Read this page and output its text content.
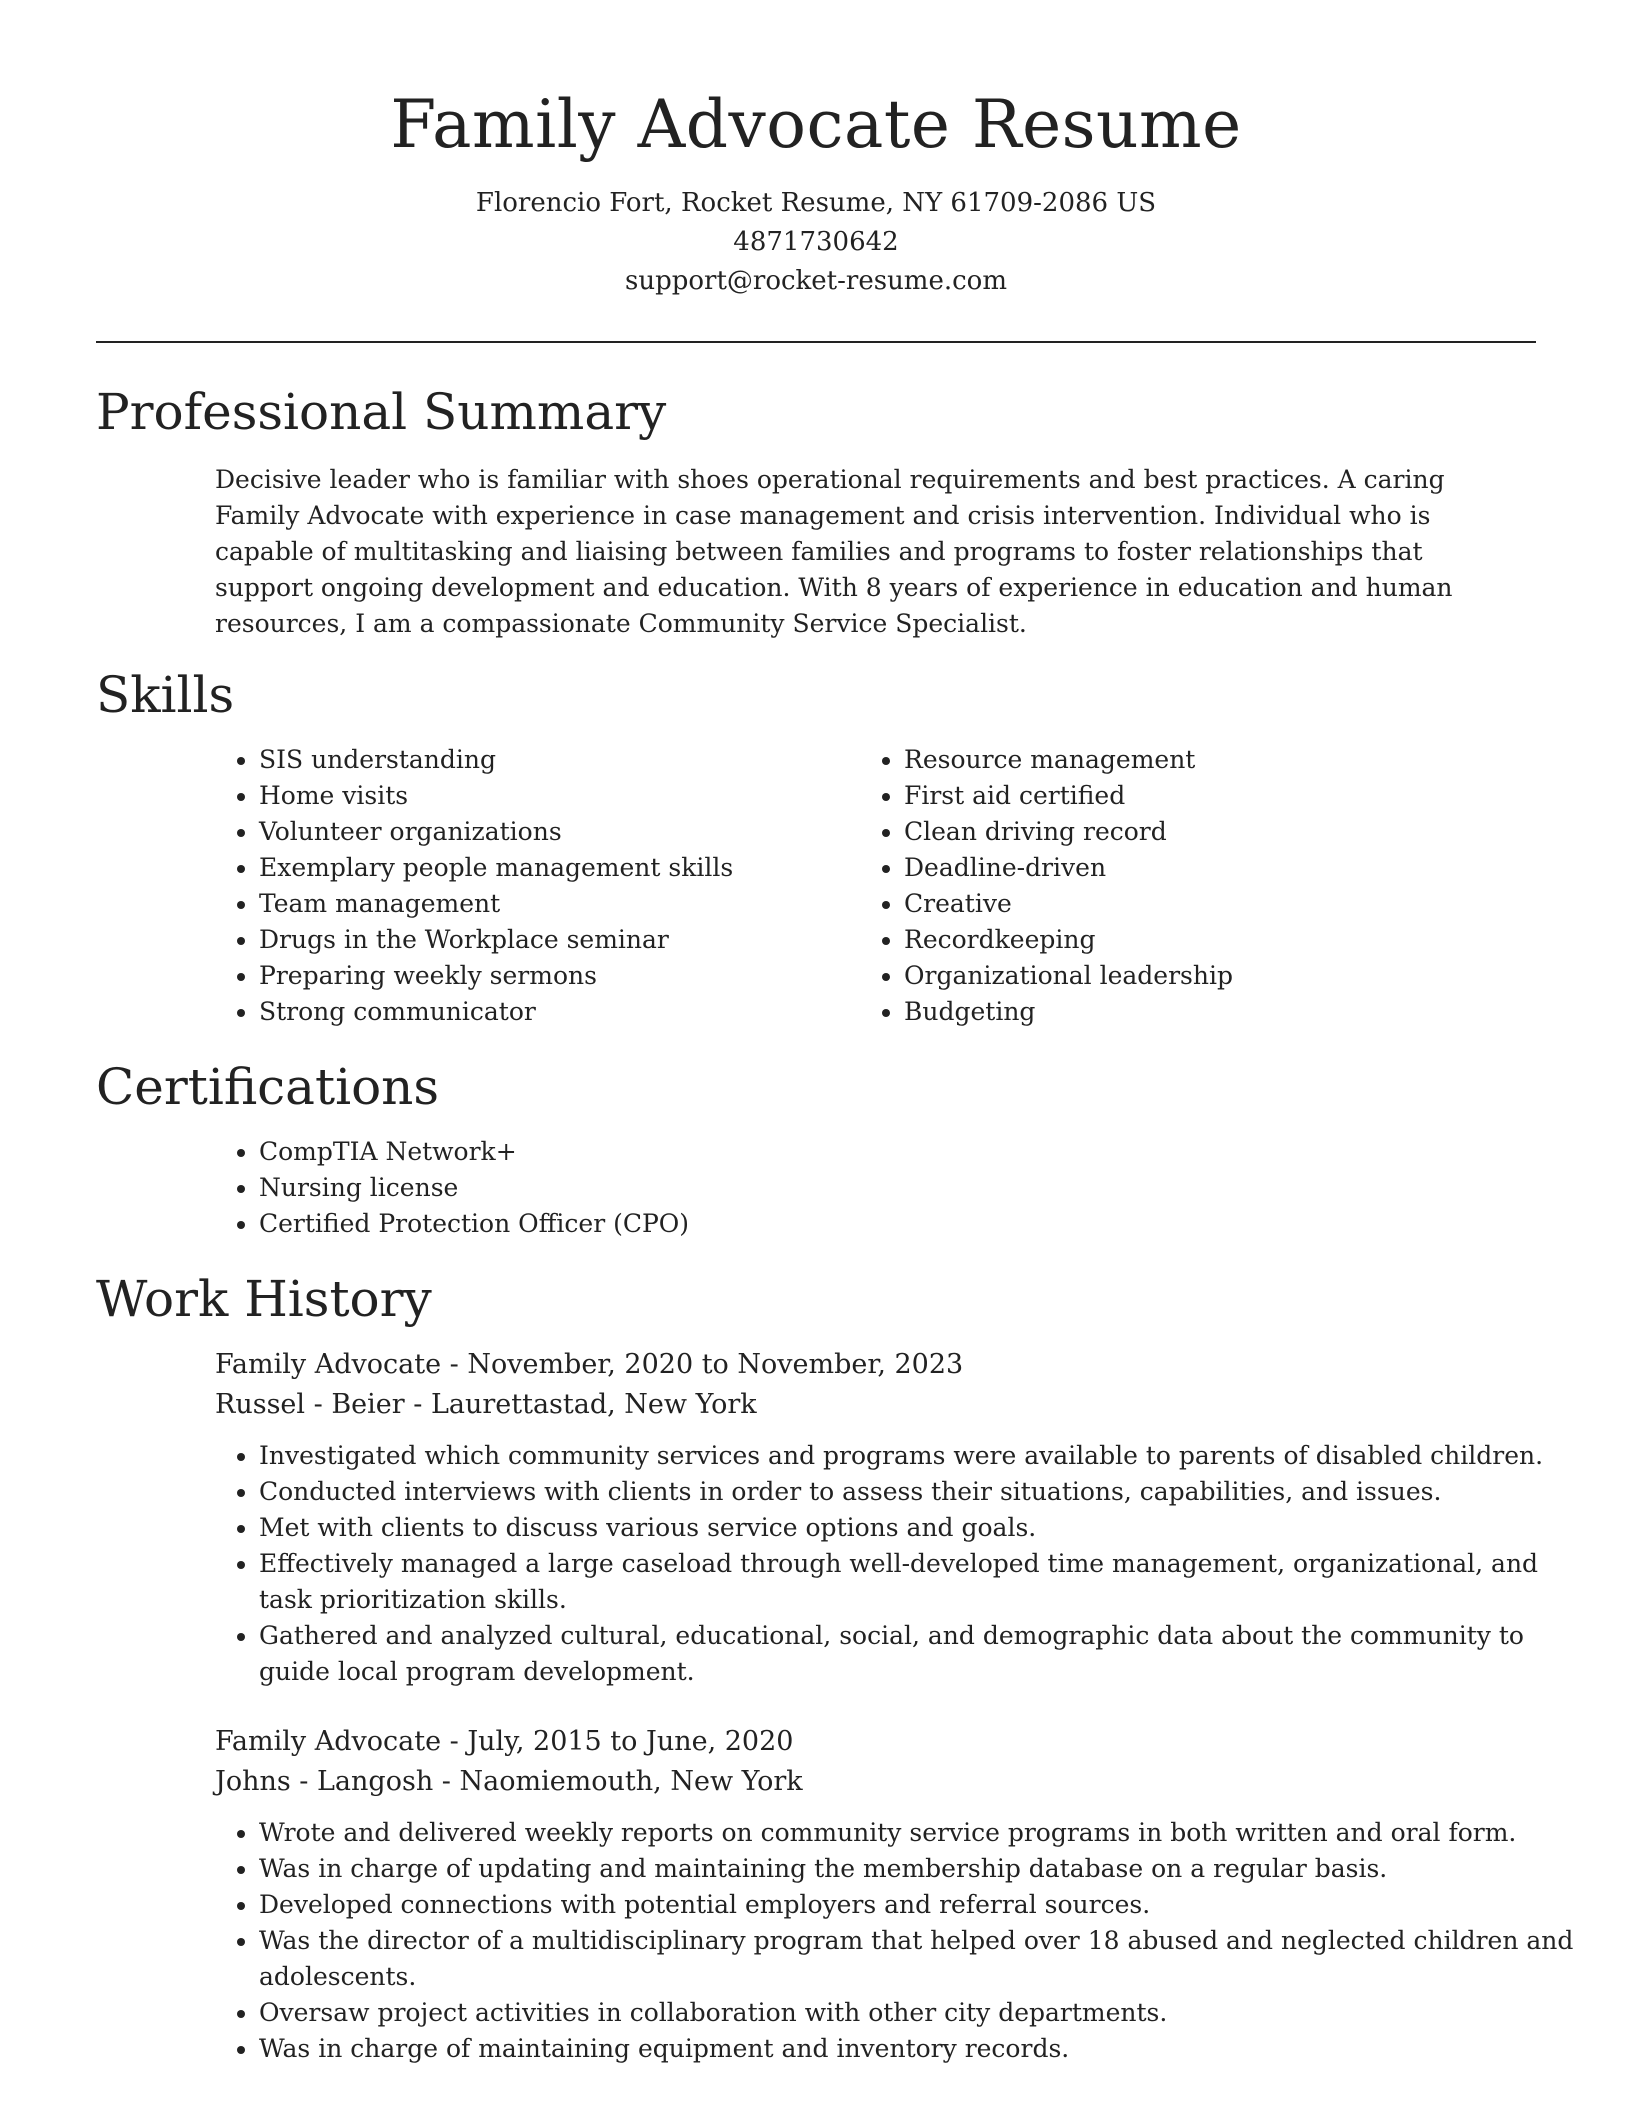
Family Advocate Resume
Florencio Fort, Rocket Resume, NY 61709-2086 US
4871730642
support@rocket-resume.com
Professional Summary
Decisive leader who is familiar with shoes operational requirements and best practices. A caring Family Advocate with experience in case management and crisis intervention. Individual who is capable of multitasking and liaising between families and programs to foster relationships that support ongoing development and education. With 8 years of experience in education and human resources, I am a compassionate Community Service Specialist.
Skills
• SIS understanding
• Home visits
• Volunteer organizations
• Exemplary people management skills
• Team management
• Drugs in the Workplace seminar
• Preparing weekly sermons
• Strong communicator
• Resource management
• First aid certified
• Clean driving record
• Deadline-driven
• Creative
• Recordkeeping
• Organizational leadership
• Budgeting
Certifications
• CompTIA Network+
• Nursing license
• Certified Protection Officer (CPO)
Work History
Family Advocate - November, 2020 to November, 2023
Russel - Beier - Laurettastad, New York
• Investigated which community services and programs were available to parents of disabled children.
• Conducted interviews with clients in order to assess their situations, capabilities, and issues.
• Met with clients to discuss various service options and goals.
• Effectively managed a large caseload through well-developed time management, organizational, and task prioritization skills.
• Gathered and analyzed cultural, educational, social, and demographic data about the community to guide local program development.
Family Advocate - July, 2015 to June, 2020
Johns - Langosh - Naomiemouth, New York
• Wrote and delivered weekly reports on community service programs in both written and oral form.
• Was in charge of updating and maintaining the membership database on a regular basis.
• Developed connections with potential employers and referral sources.
• Was the director of a multidisciplinary program that helped over 18 abused and neglected children and adolescents.
• Oversaw project activities in collaboration with other city departments.
• Was in charge of maintaining equipment and inventory records.
